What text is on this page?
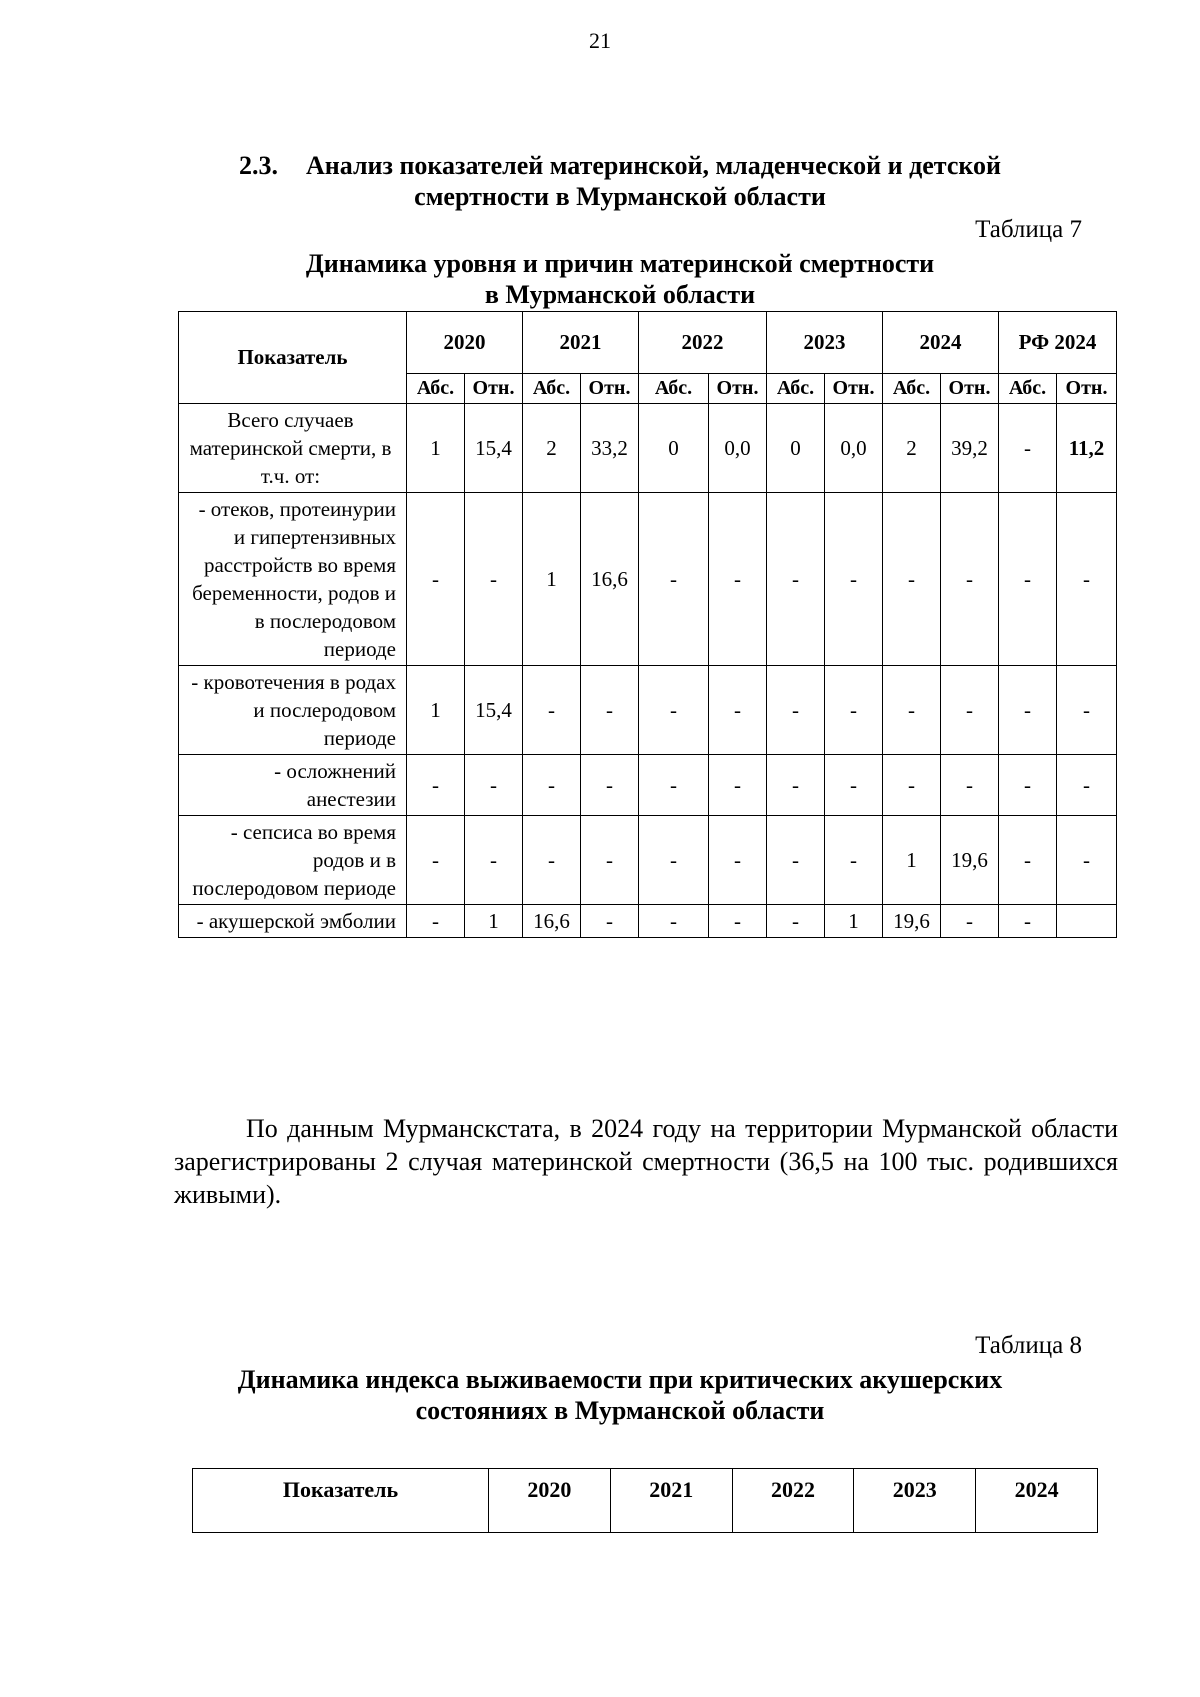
21
2.3. Анализ показателей материнской, младенческой и детской
смертности в Мурманской области
Таблица 7
Динамика уровня и причин материнской смертности
в Мурманской области
Показатель	2020		2021		2022		2023		2024		РФ 2024	
	Абс.	Отн.	Абс.	Отн.	Абс.	Отн.	Абс.	Отн.	Абс.	Отн.	Абс.	Отн.
Всего случаев материнской смерти, в т.ч. от:	1	15,4	2	33,2	0	0,0	0	0,0	2	39,2	-	11,2
- отеков, протеинурии и гипертензивных расстройств во время беременности, родов и в послеродовом периоде	-	-	1	16,6	-	-	-	-	-	-	-	-
- кровотечения в родах и послеродовом периоде	1	15,4	-	-	-	-	-	-	-	-	-	-
- осложнений анестезии	-	-	-	-	-	-	-	-	-	-	-	-
- сепсиса во время родов и в послеродовом периоде	-	-	-	-	-	-	-	-	1	19,6	-	-
- акушерской эмболии	-	1	16,6	-	-	-	-	1	19,6	-	-	
По данным Мурманскстата, в 2024 году на территории Мурманской области зарегистрированы 2 случая материнской смертности (36,5 на 100 тыс. родившихся живыми).
Таблица 8
Динамика индекса выживаемости при критических акушерских
состояниях в Мурманской области
Показатель	2020	2021	2022	2023	2024
